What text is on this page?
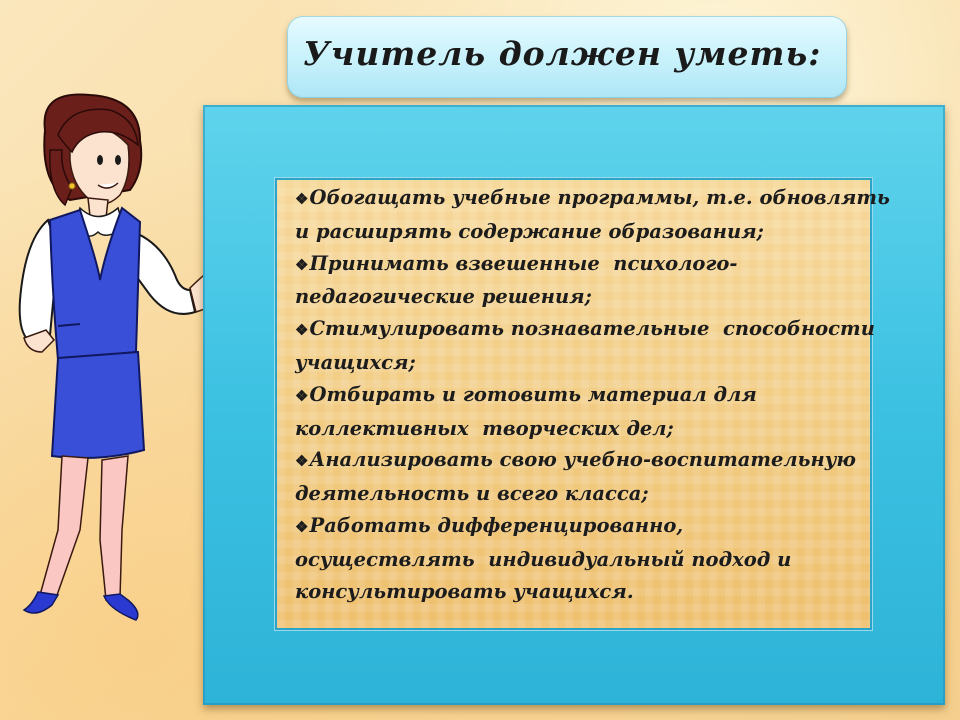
Учитель должен уметь:
❖Обогащать учебные программы, т.е. обновлять
и расширять содержание образования;
❖Принимать взвешенные  психолого-
педагогические решения;
❖Стимулировать познавательные  способности
учащихся;
❖Отбирать и готовить материал для
коллективных  творческих дел;
❖Анализировать свою учебно-воспитательную
деятельность и всего класса;
❖Работать дифференцированно,
осуществлять  индивидуальный подход и
консультировать учащихся.
